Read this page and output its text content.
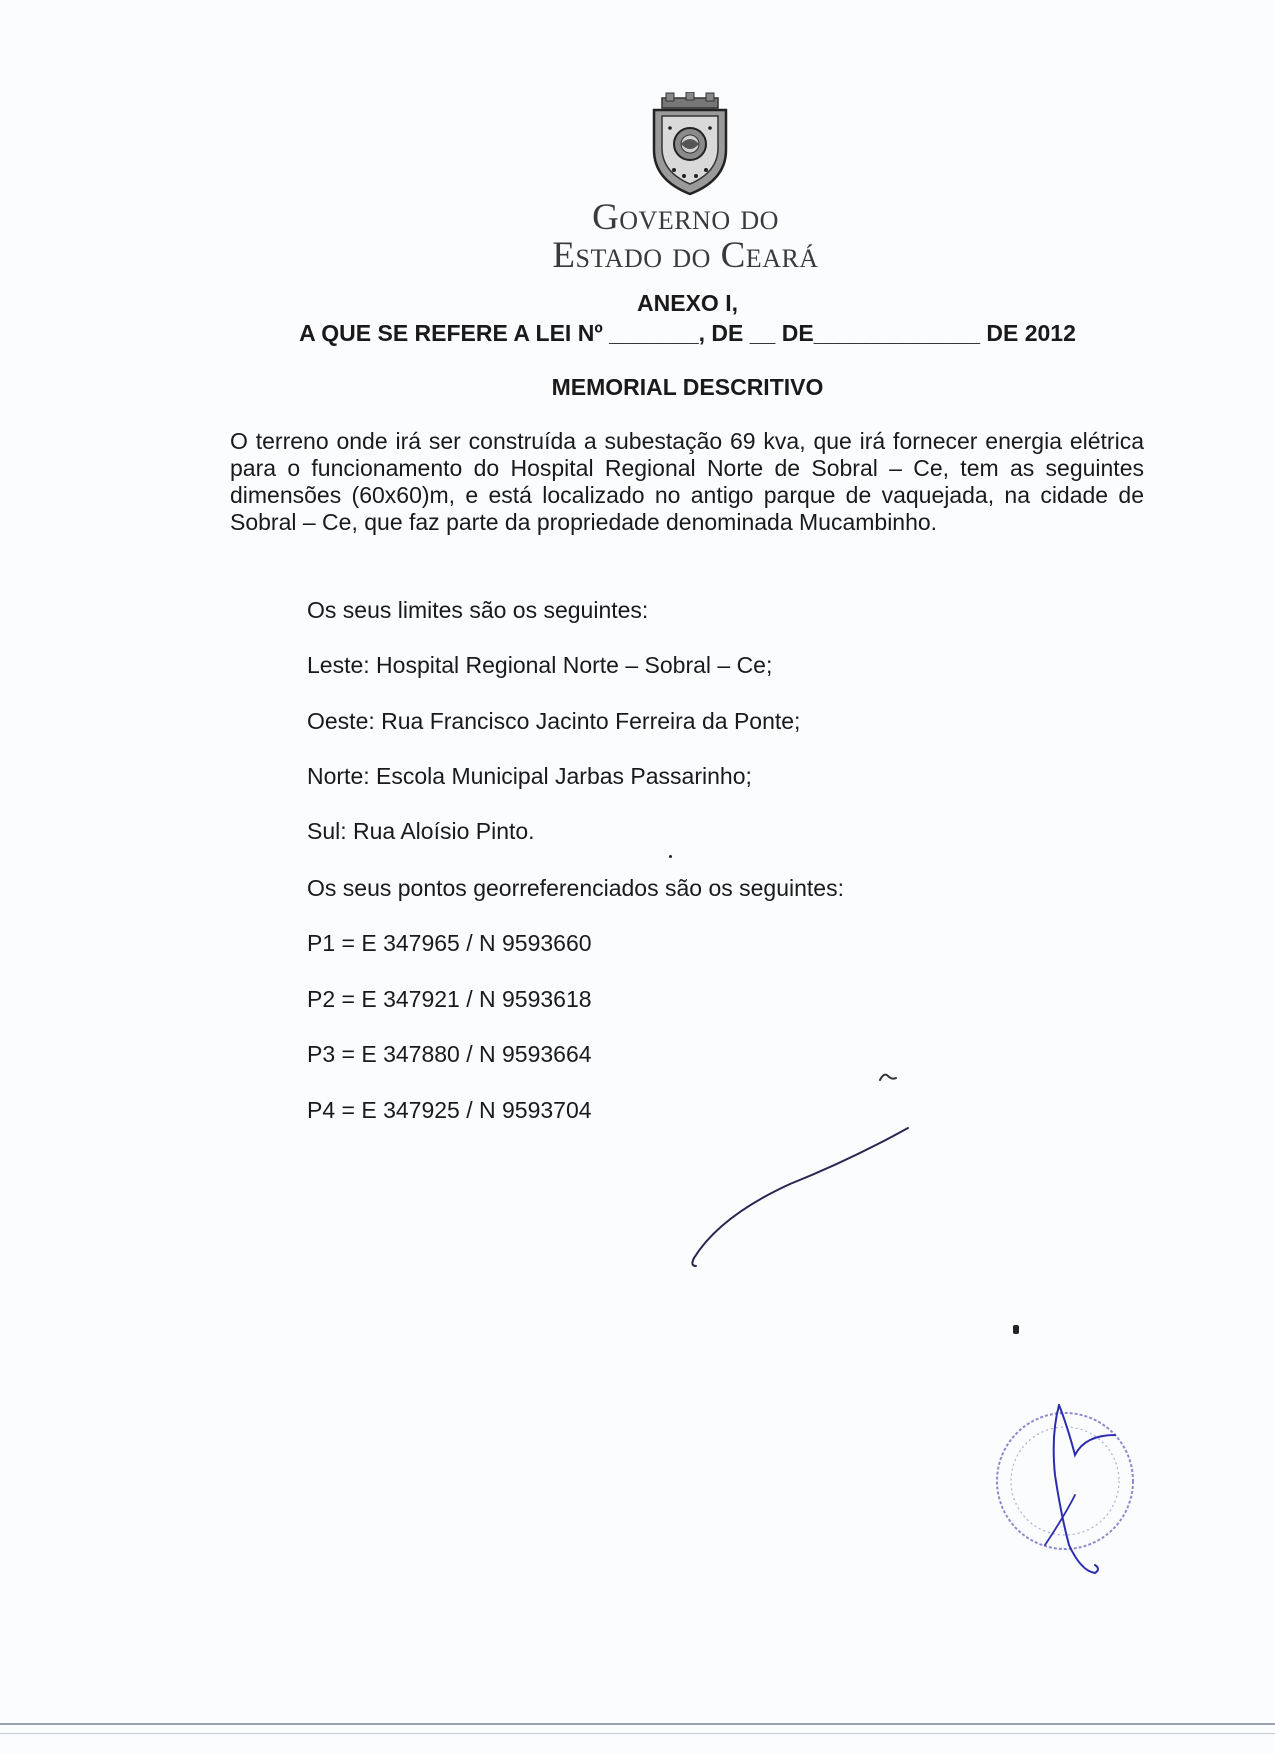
Governo do
Estado do Ceará
ANEXO I,
A QUE SE REFERE A LEI Nº _______, DE __ DE_____________ DE 2012
MEMORIAL DESCRITIVO
O terreno onde irá ser construída a subestação 69 kva, que irá fornecer energia elétrica para o funcionamento do Hospital Regional Norte de Sobral – Ce, tem as seguintes dimensões (60x60)m, e está localizado no antigo parque de vaquejada, na cidade de Sobral – Ce, que faz parte da propriedade denominada Mucambinho.
Os seus limites são os seguintes:
Leste: Hospital Regional Norte – Sobral – Ce;
Oeste: Rua Francisco Jacinto Ferreira da Ponte;
Norte: Escola Municipal Jarbas Passarinho;
Sul: Rua Aloísio Pinto.
Os seus pontos georreferenciados são os seguintes:
P1 = E 347965 / N 9593660
P2 = E 347921 / N 9593618
P3 = E 347880 / N 9593664
P4 = E 347925 / N 9593704
